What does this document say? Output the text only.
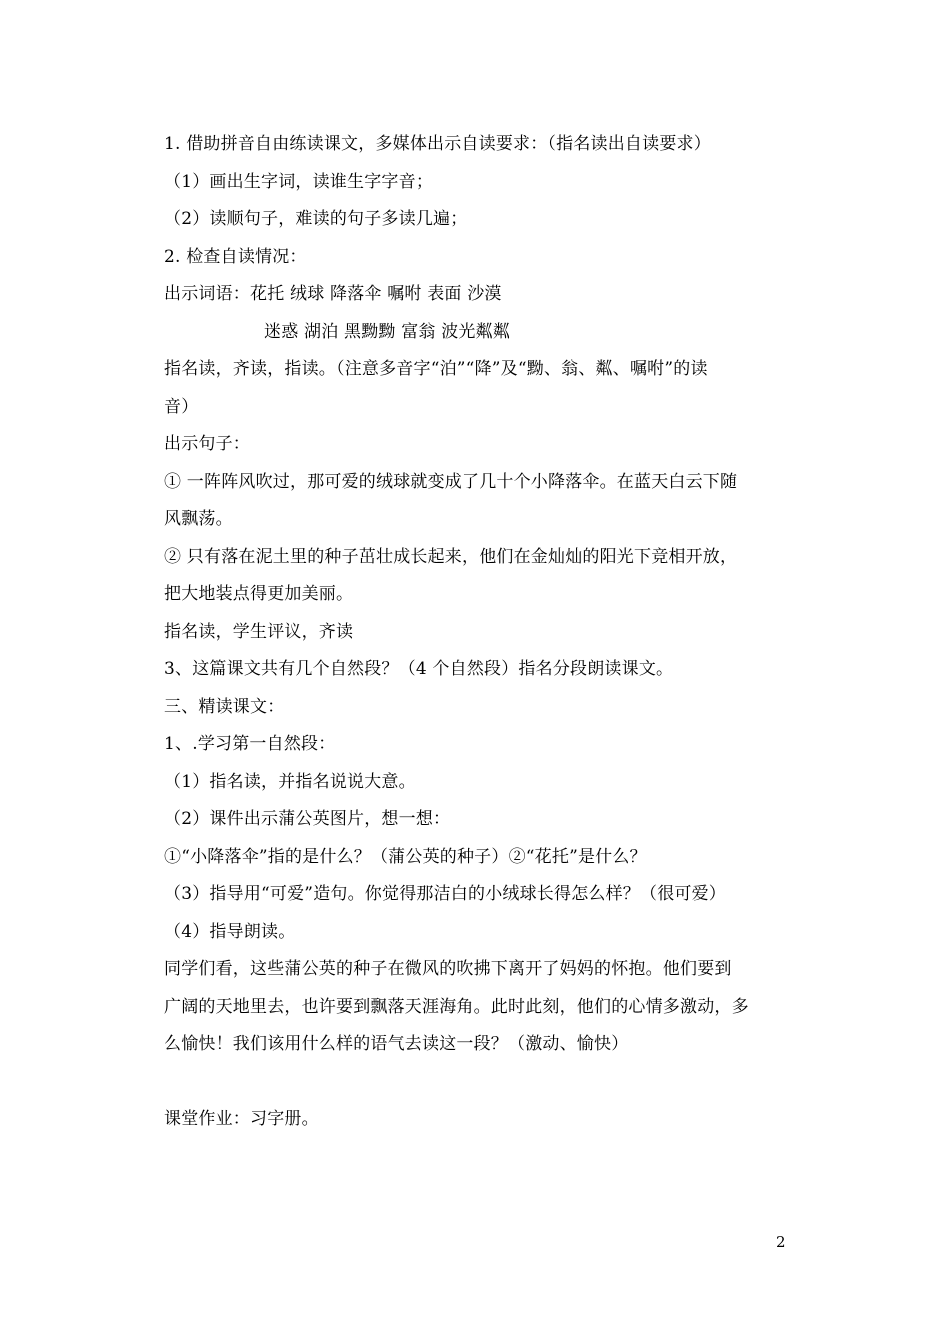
1. 借助拼音自由练读课文，多媒体出示自读要求：（指名读出自读要求）
（1）画出生字词，读谁生字字音；
（2）读顺句子，难读的句子多读几遍；
2. 检查自读情况：
出示词语：花托 绒球 降落伞 嘱咐 表面 沙漠
迷惑 湖泊 黑黝黝 富翁 波光粼粼
指名读，齐读，指读。（注意多音字“泊”“降”及“黝、翁、粼、嘱咐”的读
音）
出示句子：
① 一阵阵风吹过，那可爱的绒球就变成了几十个小降落伞。在蓝天白云下随
风飘荡。
② 只有落在泥土里的种子茁壮成长起来，他们在金灿灿的阳光下竞相开放，
把大地装点得更加美丽。
指名读，学生评议，齐读
3、这篇课文共有几个自然段？（4 个自然段）指名分段朗读课文。
三、精读课文：
1、.学习第一自然段：
（1）指名读，并指名说说大意。
（2）课件出示蒲公英图片，想一想：
①“小降落伞”指的是什么？（蒲公英的种子）②“花托”是什么？
（3）指导用“可爱”造句。你觉得那洁白的小绒球长得怎么样？（很可爱）
（4）指导朗读。
同学们看，这些蒲公英的种子在微风的吹拂下离开了妈妈的怀抱。他们要到
广阔的天地里去，也许要到飘落天涯海角。此时此刻，他们的心情多激动，多
么愉快！我们该用什么样的语气去读这一段？（激动、愉快）
课堂作业：习字册。
2
